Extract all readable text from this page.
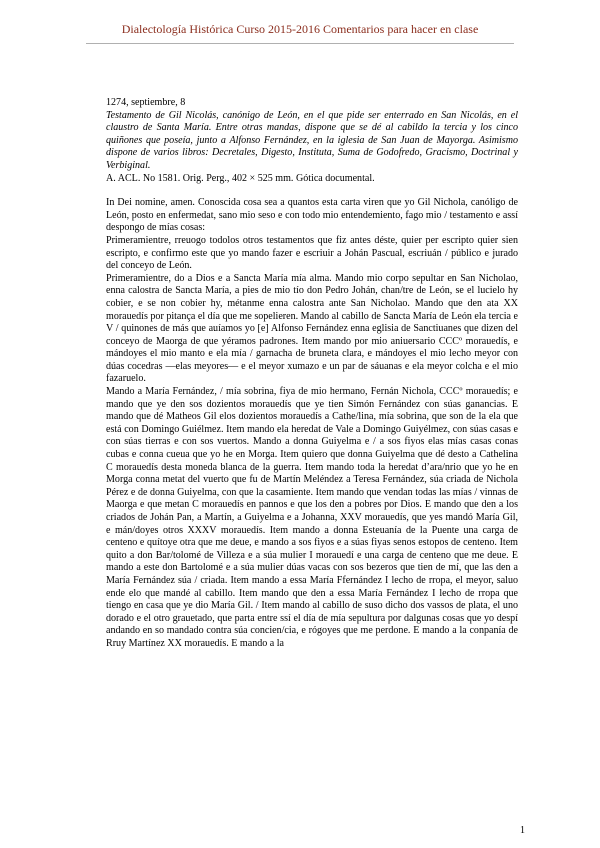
Dialectología Histórica Curso 2015-2016 Comentarios para hacer en clase

1274, septiembre, 8

Testamento de Gil Nicolás, canónigo de León, en el que pide ser enterrado en San Nicolás, en el claustro de Santa María. Entre otras mandas, dispone que se dé al cabildo la tercia y los cinco quiñones que poseía, junto a Alfonso Fernández, en la iglesia de San Juan de Mayorga. Asimismo dispone de varios libros: Decretales, Digesto, Instituta, Suma de Godofredo, Gracismo, Doctrinal y Verbiginal.

A. ACL. No 1581. Orig. Perg., 402 × 525 mm. Gótica documental.

In Dei nomine, amen. Conoscida cosa sea a quantos esta carta viren que yo Gil Nichola, canóligo de León, posto en enfermedat, sano mio seso e con todo mio entendemiento, fago mio / testamento e assí despongo de mías cosas:

Primeramientre, rreuogo todolos otros testamentos que fiz antes déste, quier per escripto quier sien escripto, e confirmo este que yo mando fazer e escriuir a Johán Pascual, escriuán / público e jurado del conceyo de León.

Primeramientre, do a Dios e a Sancta María mía alma. Mando mio corpo sepultar en San Nicholao, enna calostra de Sancta María, a pies de mio tío don Pedro Johán, chan/tre de León, se el lucielo hy cobier, e se non cobier hy, métanme enna calostra ante San Nicholao. Mando que den ata XX morauedís por pitança el día que me sopelieren. Mando al cabillo de Sancta María de León ela tercia e V / quinones de más que auíamos yo [e] Alfonso Fernández enna eglisia de Sanctiuanes que dizen del conceyo de Maorga de que yéramos padrones. Item mando por mio aniuersario CCCº morauedís, e mándoyes el mio manto e ela mía / garnacha de bruneta clara, e mándoyes el mio lecho meyor con dúas cocedras —elas meyores— e el meyor xumazo e un par de sáuanas e ela meyor colcha e el mio fazaruelo.

Mando a María Fernández, / mía sobrina, fiya de mio hermano, Fernán Nichola, CCCº morauedís; e mando que ye den sos dozientos morauedís que ye tien Simón Fernández con súas ganancias. E mando que dé Matheos Gil elos dozientos morauedís a Cathe/lina, mía sobrina, que son de la ela que está con Domingo Guiélmez. Item mando ela heredat de Vale a Domingo Guiyélmez, con súas casas e con súas tierras e con sos vuertos. Mando a donna Guiyelma e / a sos fiyos elas mías casas conas cubas e conna cueua que yo he en Morga. Item quiero que donna Guiyelma que dé desto a Cathelina C morauedís desta moneda blanca de la guerra. Item mando toda la heredat d’ara/nrio que yo he en Morga conna metat del vuerto que fu de Martín Meléndez a Teresa Fernández, súa criada de Nichola Pérez e de donna Guiyelma, con que la casamiente. Item mando que vendan todas las mías / vinnas de Maorga e que metan C morauedís en pannos e que los den a pobres por Dios. E mando que den a los criados de Johán Pan, a Martín, a Guiyelma e a Johanna, XXV morauedís, que yes mandó María Gil, e mán/doyes otros XXXV morauedís. Item mando a donna Esteuanía de la Puente una carga de centeno e quítoye otra que me deue, e mando a sos fiyos e a súas fiyas senos estopos de centeno. Item quito a don Bar/tolomé de Villeza e a súa mulier I morauedí e una carga de centeno que me deue. E mando a este don Bartolomé e a súa mulier dúas vacas con sos bezeros que tien de mí, que las den a María Fernández súa / criada. Item mando a essa María Ffernández I lecho de rropa, el meyor, saluo ende elo que mandé al cabillo. Item mando que den a essa María Fernández I lecho de rropa que tiengo en casa que ye dio María Gil. / Item mando al cabillo de suso dicho dos vassos de plata, el uno dorado e el otro grauetado, que parta entre ssí el día de mía sepultura por dalgunas cosas que yo despí andando en so mandado contra súa concien/cia, e rógoyes que me perdone. E mando a la conpanía de Rruy Martínez XX morauedís. E mando a la

1
